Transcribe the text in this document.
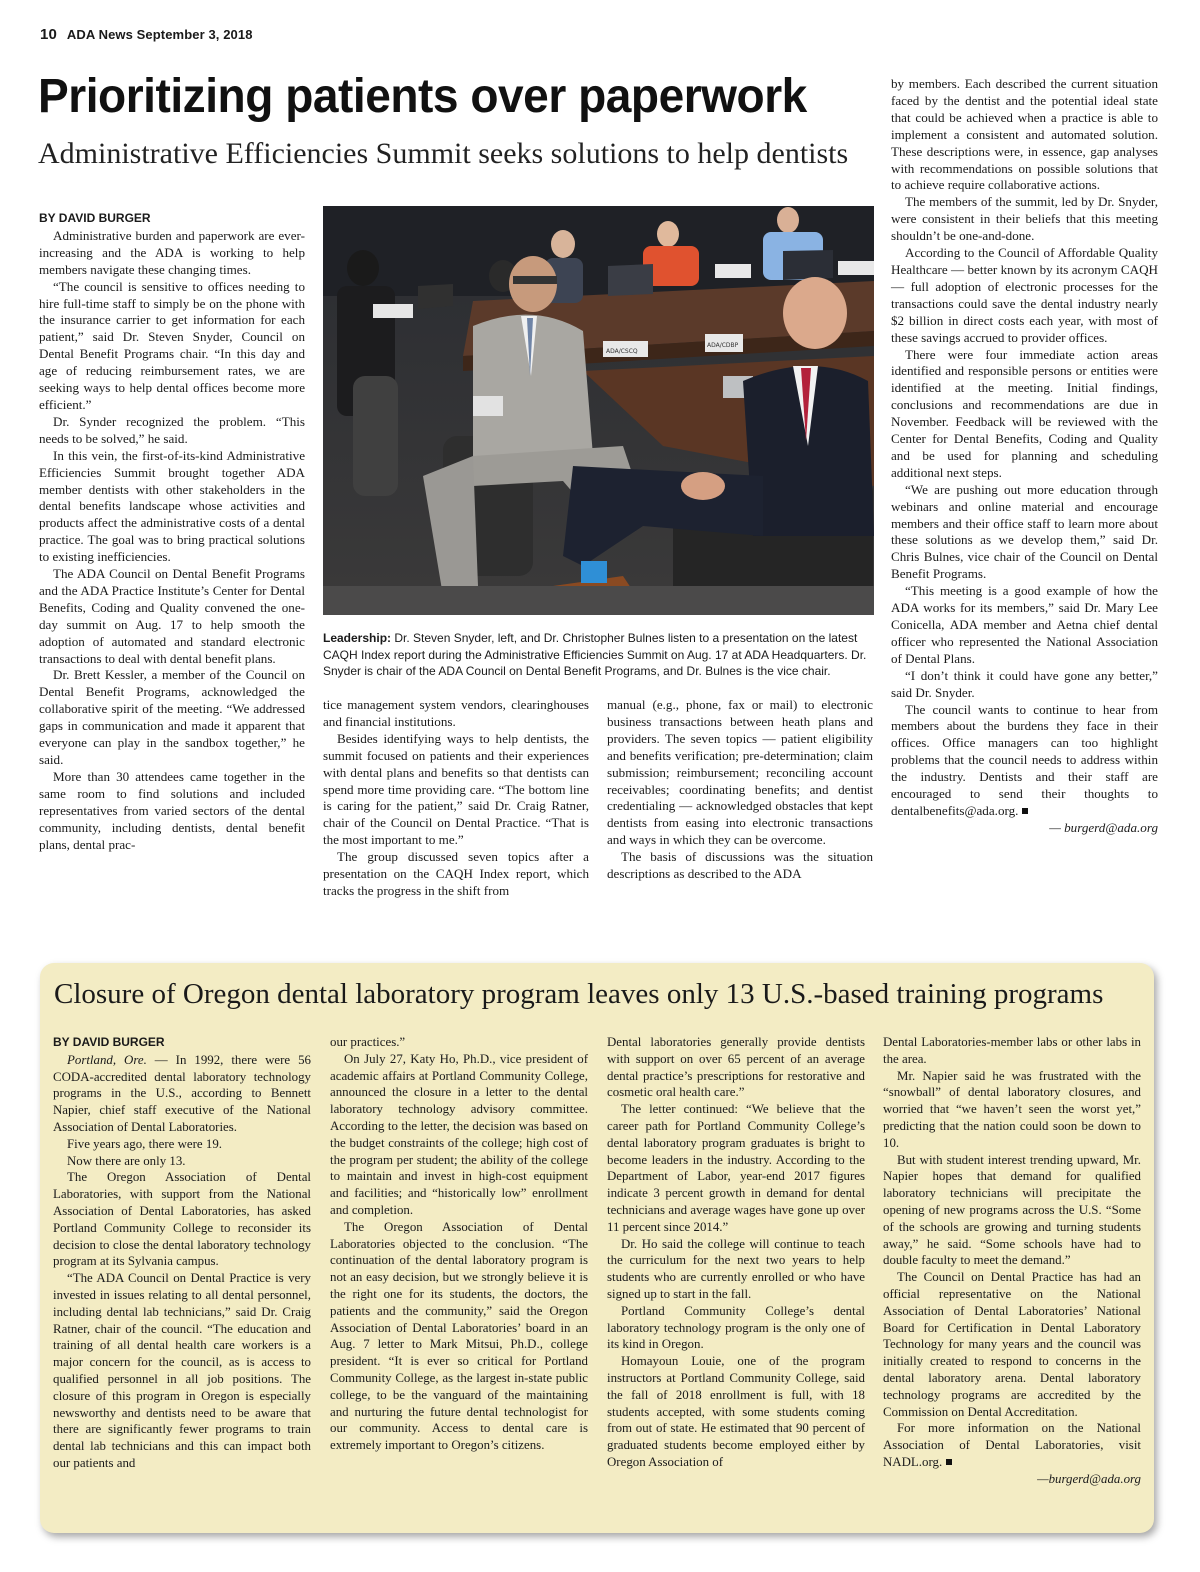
10 ADA News September 3, 2018
Prioritizing patients over paperwork
Administrative Efficiencies Summit seeks solutions to help dentists
BY DAVID BURGER

Administrative burden and paperwork are ever-increasing and the ADA is working to help members navigate these changing times.

“The council is sensitive to offices needing to hire full-time staff to simply be on the phone with the insurance carrier to get information for each patient,” said Dr. Steven Snyder, Council on Dental Benefit Programs chair. “In this day and age of reducing reimbursement rates, we are seeking ways to help dental offices become more efficient.”

Dr. Synder recognized the problem. “This needs to be solved,” he said.

In this vein, the first-of-its-kind Administrative Efficiencies Summit brought together ADA member dentists with other stakeholders in the dental benefits landscape whose activities and products affect the administrative costs of a dental practice. The goal was to bring practical solutions to existing inefficiencies.

The ADA Council on Dental Benefit Programs and the ADA Practice Institute’s Center for Dental Benefits, Coding and Quality convened the one-day summit on Aug. 17 to help smooth the adoption of automated and standard electronic transactions to deal with dental benefit plans.

Dr. Brett Kessler, a member of the Council on Dental Benefit Programs, acknowledged the collaborative spirit of the meeting. “We addressed gaps in communication and made it apparent that everyone can play in the sandbox together,” he said.

More than 30 attendees came together in the same room to find solutions and included representatives from varied sectors of the dental community, including dentists, dental benefit plans, dental prac-

ADA/CSCQ
ADA/CDBP
Leadership: Dr. Steven Snyder, left, and Dr. Christopher Bulnes listen to a presentation on the latest CAQH Index report during the Administrative Efficiencies Summit on Aug. 17 at ADA Headquarters. Dr. Snyder is chair of the ADA Council on Dental Benefit Programs, and Dr. Bulnes is the vice chair.

tice management system vendors, clearinghouses and financial institutions.

Besides identifying ways to help dentists, the summit focused on patients and their experiences with dental plans and benefits so that dentists can spend more time providing care. “The bottom line is caring for the patient,” said Dr. Craig Ratner, chair of the Council on Dental Practice. “That is the most important to me.”

The group discussed seven topics after a presentation on the CAQH Index report, which tracks the progress in the shift from

manual (e.g., phone, fax or mail) to electronic business transactions between heath plans and providers. The seven topics — patient eligibility and benefits verification; pre-determination; claim submission; reimbursement; reconciling account receivables; coordinating benefits; and dentist credentialing — acknowledged obstacles that kept dentists from easing into electronic transactions and ways in which they can be overcome.

The basis of discussions was the situation descriptions as described to the ADA

by members. Each described the current situation faced by the dentist and the potential ideal state that could be achieved when a practice is able to implement a consistent and automated solution. These descriptions were, in essence, gap analyses with recommendations on possible solutions that to achieve require collaborative actions.

The members of the summit, led by Dr. Snyder, were consistent in their beliefs that this meeting shouldn’t be one-and-done.

According to the Council of Affordable Quality Healthcare — better known by its acronym CAQH — full adoption of electronic processes for the transactions could save the dental industry nearly $2 billion in direct costs each year, with most of these savings accrued to provider offices.

There were four immediate action areas identified and responsible persons or entities were identified at the meeting. Initial findings, conclusions and recommendations are due in November. Feedback will be reviewed with the Center for Dental Benefits, Coding and Quality and be used for planning and scheduling additional next steps.

“We are pushing out more education through webinars and online material and encourage members and their office staff to learn more about these solutions as we develop them,” said Dr. Chris Bulnes, vice chair of the Council on Dental Benefit Programs.

“This meeting is a good example of how the ADA works for its members,” said Dr. Mary Lee Conicella, ADA member and Aetna chief dental officer who represented the National Association of Dental Plans.

“I don’t think it could have gone any better,” said Dr. Snyder.

The council wants to continue to hear from members about the burdens they face in their offices. Office managers can too highlight problems that the council needs to address within the industry. Dentists and their staff are encouraged to send their thoughts to dentalbenefits@ada.org.

— burgerd@ada.org
Closure of Oregon dental laboratory program leaves only 13 U.S.-based training programs
BY DAVID BURGER

Portland, Ore. — In 1992, there were 56 CODA-accredited dental laboratory technology programs in the U.S., according to Bennett Napier, chief staff executive of the National Association of Dental Laboratories.

Five years ago, there were 19.

Now there are only 13.

The Oregon Association of Dental Laboratories, with support from the National Association of Dental Laboratories, has asked Portland Community College to reconsider its decision to close the dental laboratory technology program at its Sylvania campus.

“The ADA Council on Dental Practice is very invested in issues relating to all dental personnel, including dental lab technicians,” said Dr. Craig Ratner, chair of the council. “The education and training of all dental health care workers is a major concern for the council, as is access to qualified personnel in all job positions. The closure of this program in Oregon is especially newsworthy and dentists need to be aware that there are significantly fewer programs to train dental lab technicians and this can impact both our patients and

our practices.”

On July 27, Katy Ho, Ph.D., vice president of academic affairs at Portland Community College, announced the closure in a letter to the dental laboratory technology advisory committee. According to the letter, the decision was based on the budget constraints of the college; high cost of the program per student; the ability of the college to maintain and invest in high-cost equipment and facilities; and “historically low” enrollment and completion.

The Oregon Association of Dental Laboratories objected to the conclusion. “The continuation of the dental laboratory program is not an easy decision, but we strongly believe it is the right one for its students, the doctors, the patients and the community,” said the Oregon Association of Dental Laboratories’ board in an Aug. 7 letter to Mark Mitsui, Ph.D., college president. “It is ever so critical for Portland Community College, as the largest in-state public college, to be the vanguard of the maintaining and nurturing the future dental technologist for our community. Access to dental care is extremely important to Oregon’s citizens.

Dental laboratories generally provide dentists with support on over 65 percent of an average dental practice’s prescriptions for restorative and cosmetic oral health care.”

The letter continued: “We believe that the career path for Portland Community College’s dental laboratory program graduates is bright to become leaders in the industry. According to the Department of Labor, year-end 2017 figures indicate 3 percent growth in demand for dental technicians and average wages have gone up over 11 percent since 2014.”

Dr. Ho said the college will continue to teach the curriculum for the next two years to help students who are currently enrolled or who have signed up to start in the fall.

Portland Community College’s dental laboratory technology program is the only one of its kind in Oregon.

Homayoun Louie, one of the program instructors at Portland Community College, said the fall of 2018 enrollment is full, with 18 students accepted, with some students coming from out of state. He estimated that 90 percent of graduated students become employed either by Oregon Association of

Dental Laboratories-member labs or other labs in the area.

Mr. Napier said he was frustrated with the “snowball” of dental laboratory closures, and worried that “we haven’t seen the worst yet,” predicting that the nation could soon be down to 10.

But with student interest trending upward, Mr. Napier hopes that demand for qualified laboratory technicians will precipitate the opening of new programs across the U.S. “Some of the schools are growing and turning students away,” he said. “Some schools have had to double faculty to meet the demand.”

The Council on Dental Practice has had an official representative on the National Association of Dental Laboratories’ National Board for Certification in Dental Laboratory Technology for many years and the council was initially created to respond to concerns in the dental laboratory arena. Dental laboratory technology programs are accredited by the Commission on Dental Accreditation.

For more information on the National Association of Dental Laboratories, visit NADL.org.

—burgerd@ada.org
